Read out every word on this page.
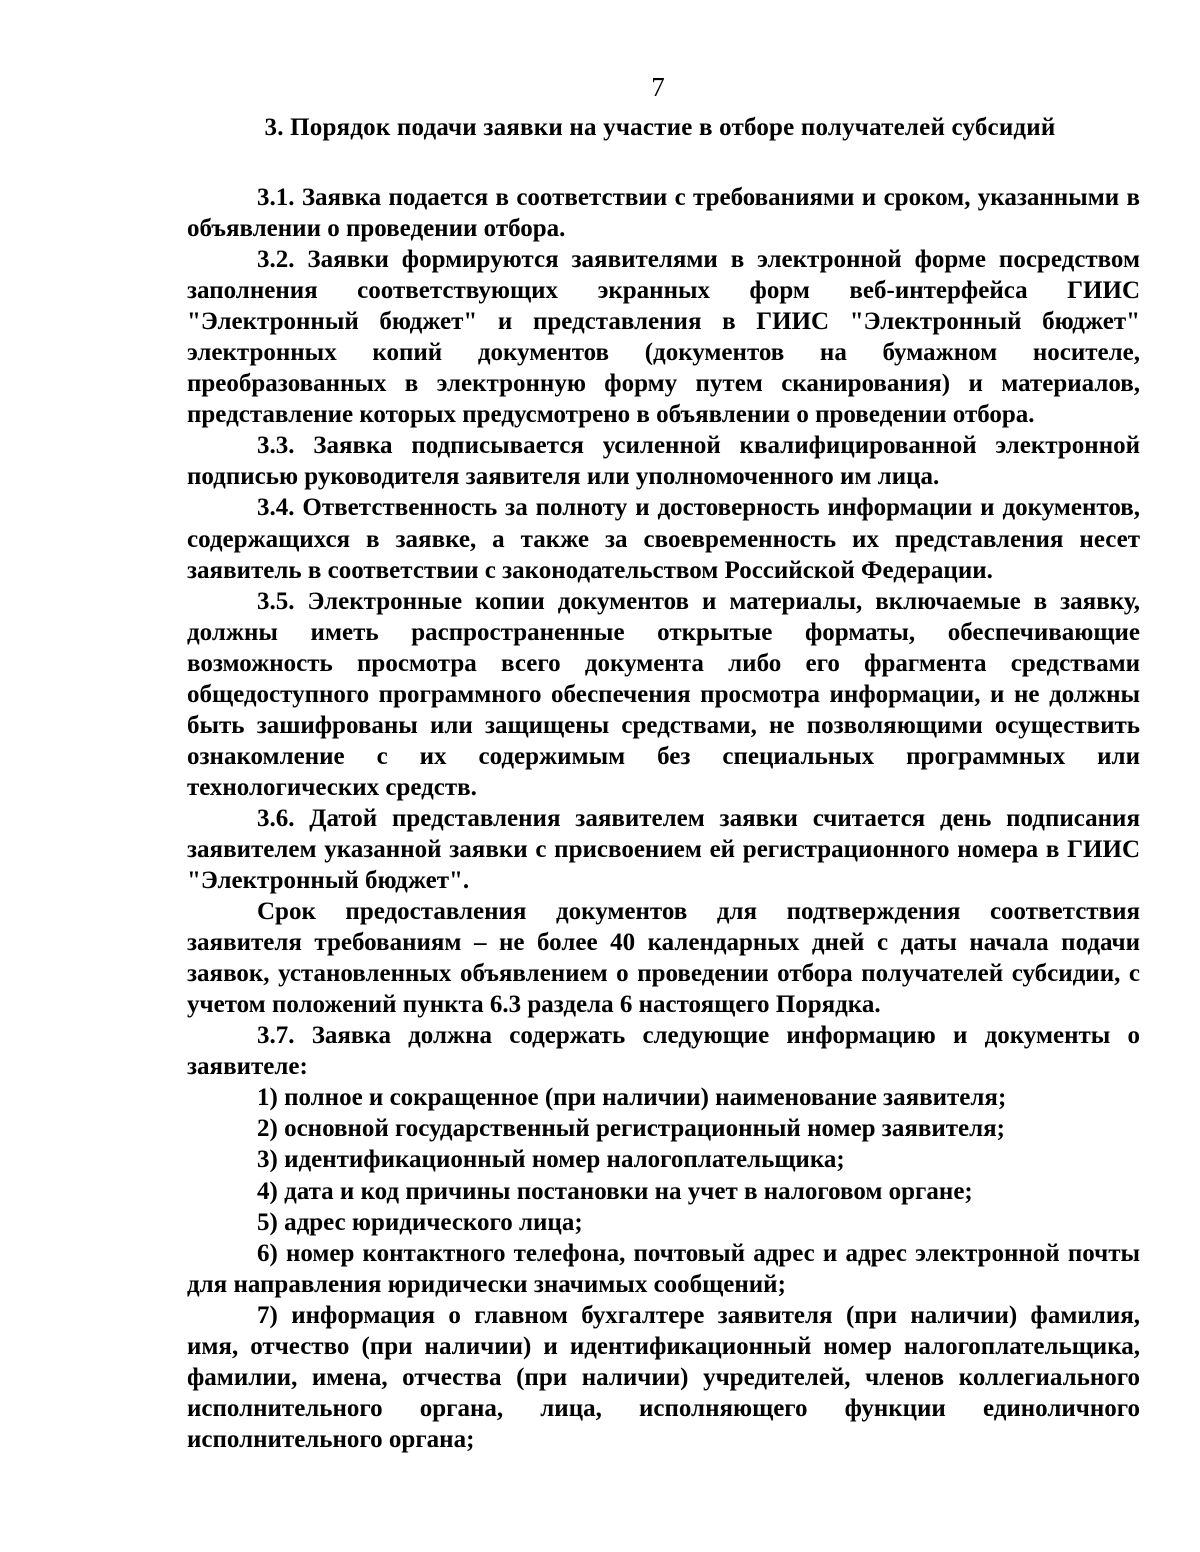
7
3. Порядок подачи заявки на участие в отборе получателей субсидий

3.1. Заявка подается в соответствии с требованиями и сроком, указанными в объявлении о проведении отбора.

3.2. Заявки формируются заявителями в электронной форме посредством заполнения соответствующих экранных форм веб-интерфейса ГИИС "Электронный бюджет" и представления в ГИИС "Электронный бюджет" электронных копий документов (документов на бумажном носителе, преобразованных в электронную форму путем сканирования) и материалов, представление которых предусмотрено в объявлении о проведении отбора.

3.3. Заявка подписывается усиленной квалифицированной электронной подписью руководителя заявителя или уполномоченного им лица.

3.4. Ответственность за полноту и достоверность информации и документов, содержащихся в заявке, а также за своевременность их представления несет заявитель в соответствии с законодательством Российской Федерации.

3.5. Электронные копии документов и материалы, включаемые в заявку, должны иметь распространенные открытые форматы, обеспечивающие возможность просмотра всего документа либо его фрагмента средствами общедоступного программного обеспечения просмотра информации, и не должны быть зашифрованы или защищены средствами, не позволяющими осуществить ознакомление с их содержимым без специальных программных или технологических средств.

3.6. Датой представления заявителем заявки считается день подписания заявителем указанной заявки с присвоением ей регистрационного номера в ГИИС "Электронный бюджет".

Срок предоставления документов для подтверждения соответствия заявителя требованиям – не более 40 календарных дней с даты начала подачи заявок, установленных объявлением о проведении отбора получателей субсидии, с учетом положений пункта 6.3 раздела 6 настоящего Порядка.

3.7. Заявка должна содержать следующие информацию и документы о заявителе:

1) полное и сокращенное (при наличии) наименование заявителя;

2) основной государственный регистрационный номер заявителя;

3) идентификационный номер налогоплательщика;

4) дата и код причины постановки на учет в налоговом органе;

5) адрес юридического лица;

6) номер контактного телефона, почтовый адрес и адрес электронной почты для направления юридически значимых сообщений;

7) информация о главном бухгалтере заявителя (при наличии) фамилия, имя, отчество (при наличии) и идентификационный номер налогоплательщика, фамилии, имена, отчества (при наличии) учредителей, членов коллегиального исполнительного органа, лица, исполняющего функции единоличного исполнительного органа;
